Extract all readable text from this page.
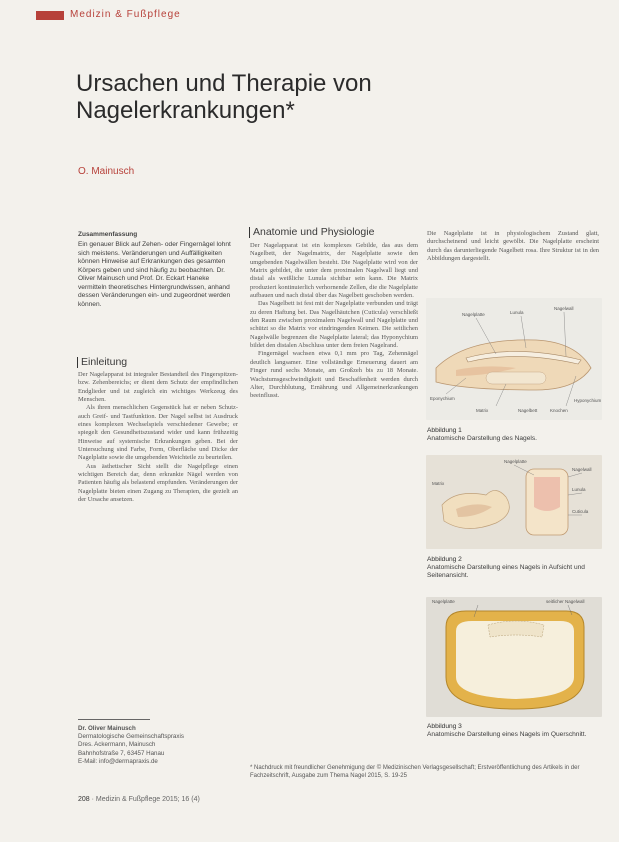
Medizin & Fußpflege
Ursachen und Therapie von Nagelerkrankungen*
O. Mainusch
Zusammenfassung
Ein genauer Blick auf Zehen- oder Fingernägel lohnt sich meistens. Veränderungen und Auffälligkeiten können Hinweise auf Erkrankungen des gesamten Körpers geben und sind häufig zu beobachten. Dr. Oliver Mainusch und Prof. Dr. Eckart Haneke vermitteln theoretisches Hintergrundwissen, anhand dessen Veränderungen ein- und zugeordnet werden können.
Einleitung

Der Nagelapparat ist integraler Bestandteil des Fingerspitzen- bzw. Zehenbereichs; er dient dem Schutz der empfindlichen Endglieder und ist zugleich ein wichtiges Werkzeug des Menschen.

Als ihren menschlichen Gegenstück hat er neben Schutz- auch Greif- und Tastfunktion. Der Nagel selbst ist Ausdruck eines komplexen Wechselspiels verschiedener Gewebe; er spiegelt den Gesundheitszustand wider und kann frühzeitig Hinweise auf systemische Erkrankungen geben. Bei der Untersuchung sind Farbe, Form, Oberfläche und Dicke der Nagelplatte sowie die umgebenden Weichteile zu beurteilen.

Aus ästhetischer Sicht stellt die Nagelpflege einen wichtigen Bereich dar, denn erkrankte Nägel werden von Patienten häufig als belastend empfunden. Veränderungen der Nagelplatte bieten einen Zugang zu Therapien, die gezielt an der Ursache ansetzen.

Dr. Oliver Mainusch
Dermatologische Gemeinschaftspraxis
Dres. Ackermann, Mainusch
Bahnhofstraße 7, 63457 Hanau
E-Mail: info@dermapraxis.de
Anatomie und Physiologie

Der Nagelapparat ist ein komplexes Gebilde, das aus dem Nagelbett, der Nagelmatrix, der Nagelplatte sowie den umgebenden Nagelwällen besteht. Die Nagelplatte wird von der Matrix gebildet, die unter dem proximalen Nagelwall liegt und distal als weißliche Lunula sichtbar sein kann. Die Matrix produziert kontinuierlich verhornende Zellen, die die Nagelplatte aufbauen und nach distal über das Nagelbett geschoben werden.

Das Nagelbett ist fest mit der Nagelplatte verbunden und trägt zu deren Haftung bei. Das Nagelhäutchen (Cuticula) verschließt den Raum zwischen proximalem Nagelwall und Nagelplatte und schützt so die Matrix vor eindringenden Keimen. Die seitlichen Nagelwälle begrenzen die Nagelplatte lateral; das Hyponychium bildet den distalen Abschluss unter dem freien Nagelrand.

Fingernägel wachsen etwa 0,1 mm pro Tag, Zehennägel deutlich langsamer. Eine vollständige Erneuerung dauert am Finger rund sechs Monate, am Großzeh bis zu 18 Monate. Wachstumsgeschwindigkeit und Beschaffenheit werden durch Alter, Durchblutung, Ernährung und Allgemeinerkrankungen beeinflusst.

Die Nagelplatte ist in physiologischem Zustand glatt, durchscheinend und leicht gewölbt. Die Nagelplatte erscheint durch das darunterliegende Nagelbett rosa. Ihre Struktur ist in den Abbildungen dargestellt.
Nagelplatte	Lunula
Nagelwall
Eponychium
Matrix	Nagelbett	Knochen
Hyponychium
Abbildung 1
Anatomische Darstellung des Nagels.
Nagelplatte
Nagelwall
Lunula
Cuticula
Matrix
Abbildung 2
Anatomische Darstellung eines Nagels in Aufsicht und Seitenansicht.
Nagelplatte	seitlicher Nagelwall
Abbildung 3
Anatomische Darstellung eines Nagels im Querschnitt.
* Nachdruck mit freundlicher Genehmigung der © Medizinischen Verlagsgesellschaft; Erstveröffentlichung des Artikels in der Fachzeitschrift, Ausgabe zum Thema Nagel 2015, S. 19-25
208 · Medizin & Fußpflege 2015; 16 (4)
